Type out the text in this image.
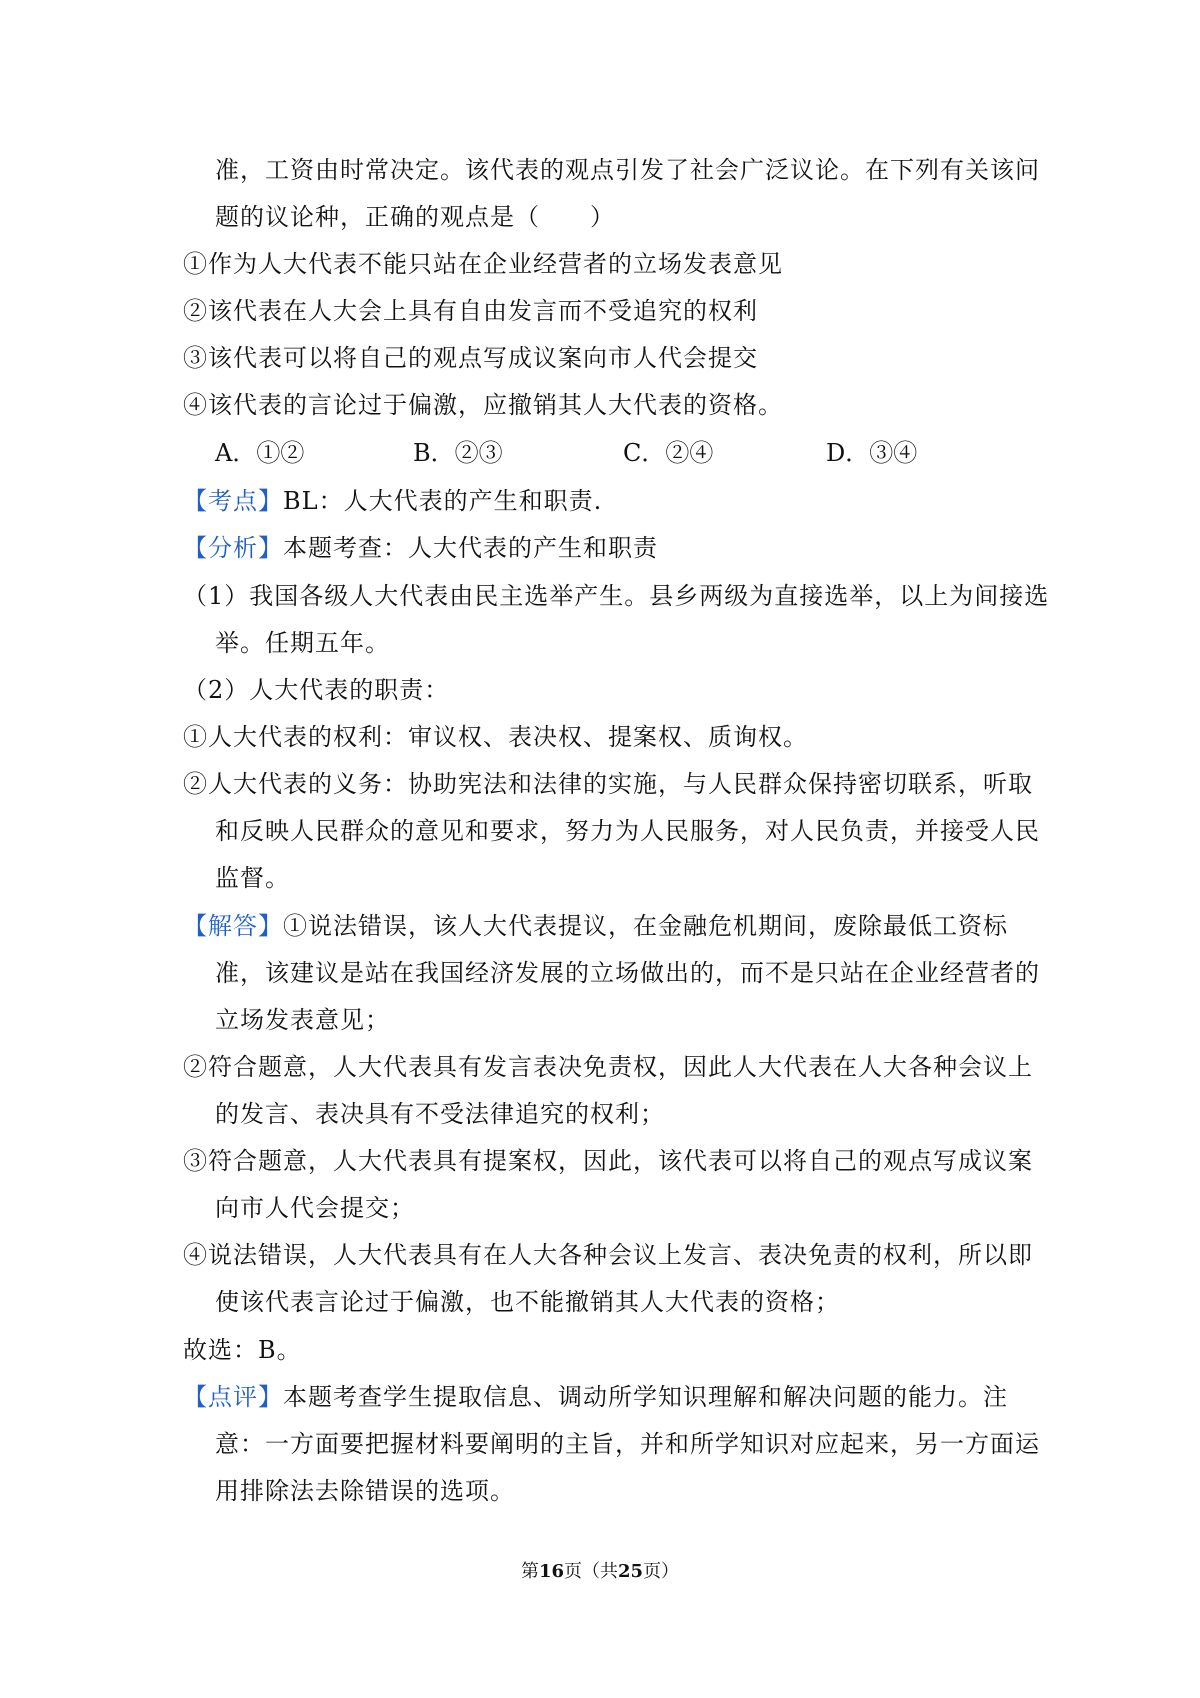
准，工资由时常决定。该代表的观点引发了社会广泛议论。在下列有关该问
题的议论种，正确的观点是（　　）
①作为人大代表不能只站在企业经营者的立场发表意见
②该代表在人大会上具有自由发言而不受追究的权利
③该代表可以将自己的观点写成议案向市人代会提交
④该代表的言论过于偏激，应撤销其人大代表的资格。
A．①②	B．②③	C．②④	D．③④
【考点】BL：人大代表的产生和职责.
【分析】本题考查：人大代表的产生和职责
（1）我国各级人大代表由民主选举产生。县乡两级为直接选举，以上为间接选
举。任期五年。
（2）人大代表的职责：
①人大代表的权利：审议权、表决权、提案权、质询权。
②人大代表的义务：协助宪法和法律的实施，与人民群众保持密切联系，听取
和反映人民群众的意见和要求，努力为人民服务，对人民负责，并接受人民
监督。
【解答】①说法错误，该人大代表提议，在金融危机期间，废除最低工资标
准，该建议是站在我国经济发展的立场做出的，而不是只站在企业经营者的
立场发表意见；
②符合题意，人大代表具有发言表决免责权，因此人大代表在人大各种会议上
的发言、表决具有不受法律追究的权利；
③符合题意，人大代表具有提案权，因此，该代表可以将自己的观点写成议案
向市人代会提交；
④说法错误，人大代表具有在人大各种会议上发言、表决免责的权利，所以即
使该代表言论过于偏激，也不能撤销其人大代表的资格；
故选：B。
【点评】本题考查学生提取信息、调动所学知识理解和解决问题的能力。注
意：一方面要把握材料要阐明的主旨，并和所学知识对应起来，另一方面运
用排除法去除错误的选项。
第16页（共25页）
